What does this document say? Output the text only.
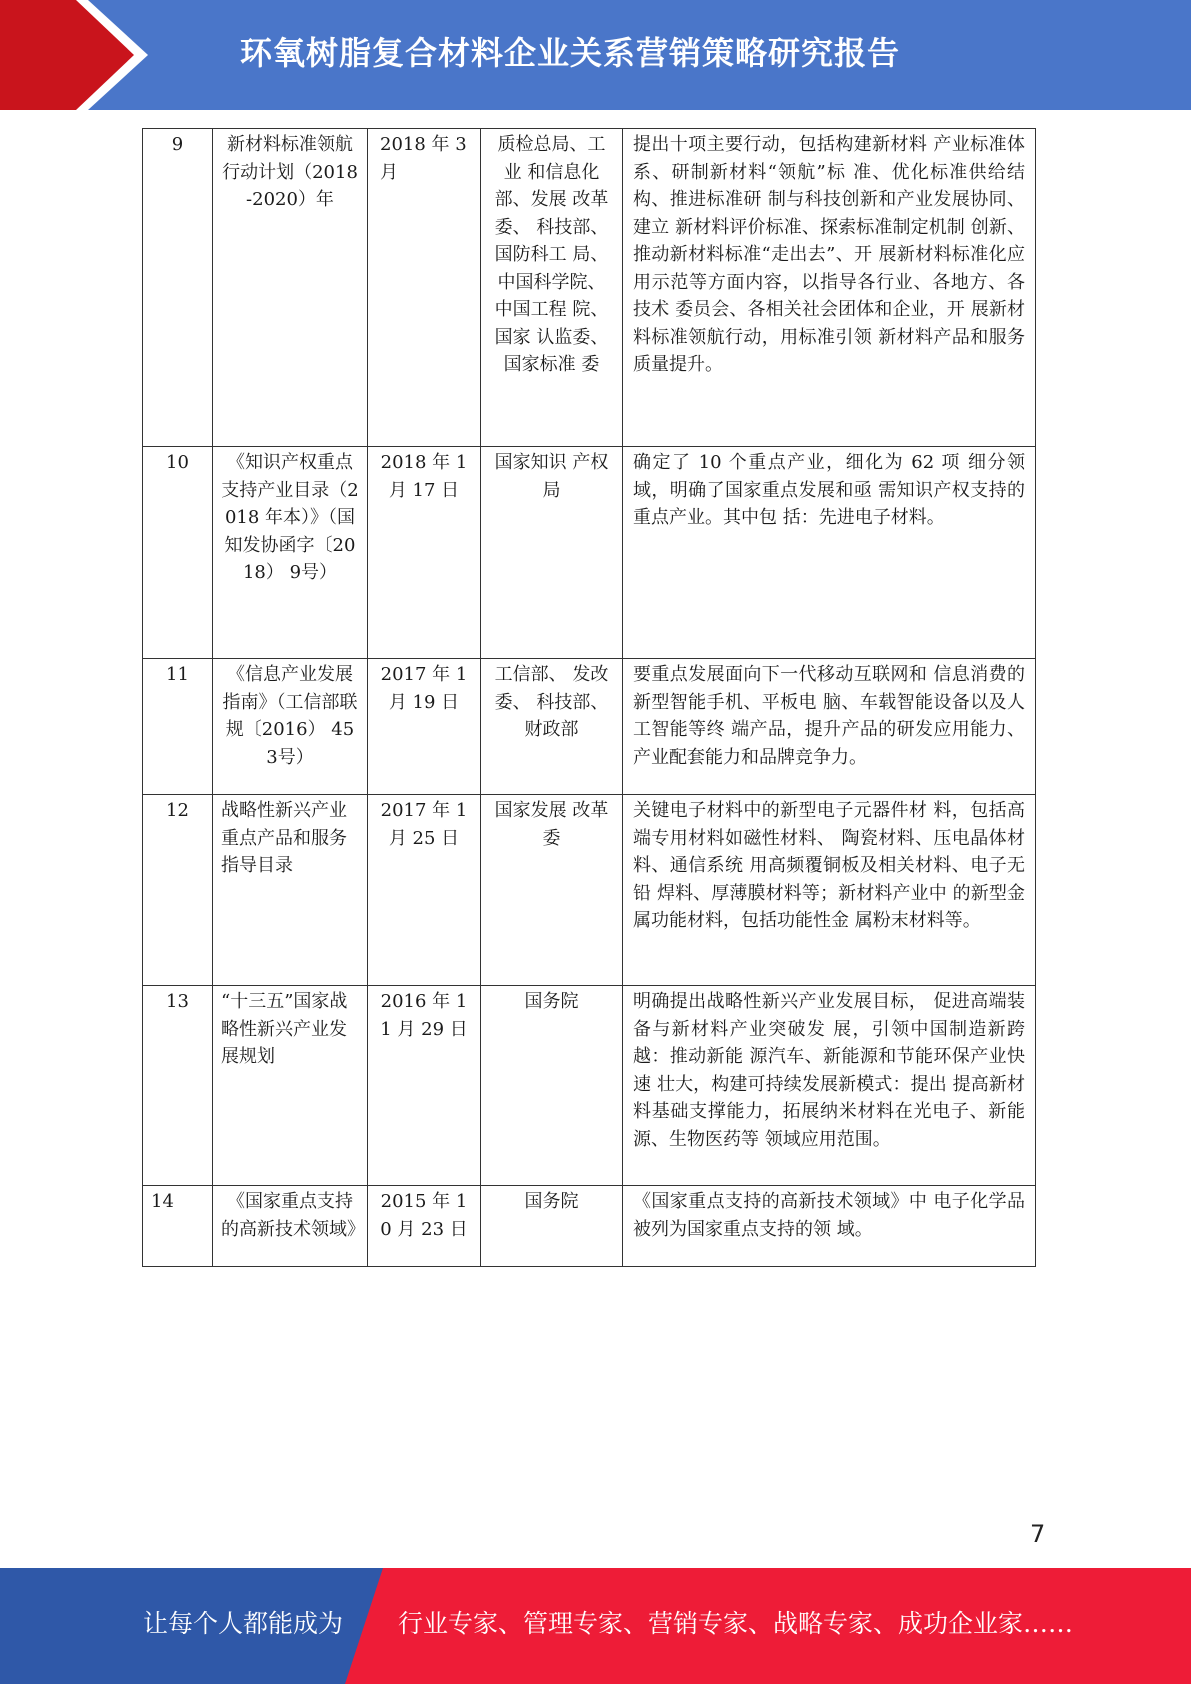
环氧树脂复合材料企业关系营销策略研究报告
9	新材料标准领航行动计划（2018-2020）年	2018 年 3月	质检总局、工业 和信息化部、发展 改革委、 科技部、 国防科工 局、中国科学院、 中国工程 院、 国家 认监委、 国家标准 委	提出十项主要行动，包括构建新材料 产业标准体系、研制新材料“领航”标 准、优化标准供给结构、推进标准研 制与科技创新和产业发展协同、建立 新材料评价标准、探索标准制定机制 创新、推动新材料标准“走出去”、开 展新材料标准化应用示范等方面内容，以指导各行业、各地方、各技术 委员会、各相关社会团体和企业，开 展新材料标准领航行动，用标准引领 新材料产品和服务质量提升。
10	《知识产权重点支持产业目录（2018 年本）》（国知发协函字〔2018） 9号）	2018 年 1 月 17 日	国家知识 产权局	确定了 10 个重点产业，细化为 62 项 细分领域，明确了国家重点发展和亟 需知识产权支持的重点产业。其中包 括：先进电子材料。
11	《信息产业发展指南》（工信部联规〔2016） 453号）	2017 年 1 月 19 日	工信部、 发改委、 科技部、 财政部	要重点发展面向下一代移动互联网和 信息消费的新型智能手机、平板电 脑、车载智能设备以及人工智能等终 端产品，提升产品的研发应用能力、 产业配套能力和品牌竞争力。
12	战略性新兴产业重点产品和服务指导目录	2017 年 1 月 25 日	国家发展 改革委	关键电子材料中的新型电子元器件材 料，包括高端专用材料如磁性材料、 陶瓷材料、压电晶体材料、通信系统 用高频覆铜板及相关材料、电子无铅 焊料、厚薄膜材料等；新材料产业中 的新型金属功能材料，包括功能性金 属粉末材料等。
13	“十三五”国家战略性新兴产业发展规划	2016 年 11 月 29 日	国务院	明确提出战略性新兴产业发展目标， 促进高端装备与新材料产业突破发 展，引领中国制造新跨越：推动新能 源汽车、新能源和节能环保产业快速 壮大，构建可持续发展新模式：提出 提高新材料基础支撑能力，拓展纳米材料在光电子、新能源、生物医药等 领域应用范围。
14	《国家重点支持的高新技术领域》	2015 年 10 月 23 日	国务院	《国家重点支持的高新技术领域》中 电子化学品被列为国家重点支持的领 域。
7
让每个人都能成为 行业专家、管理专家、营销专家、战略专家、成功企业家……
